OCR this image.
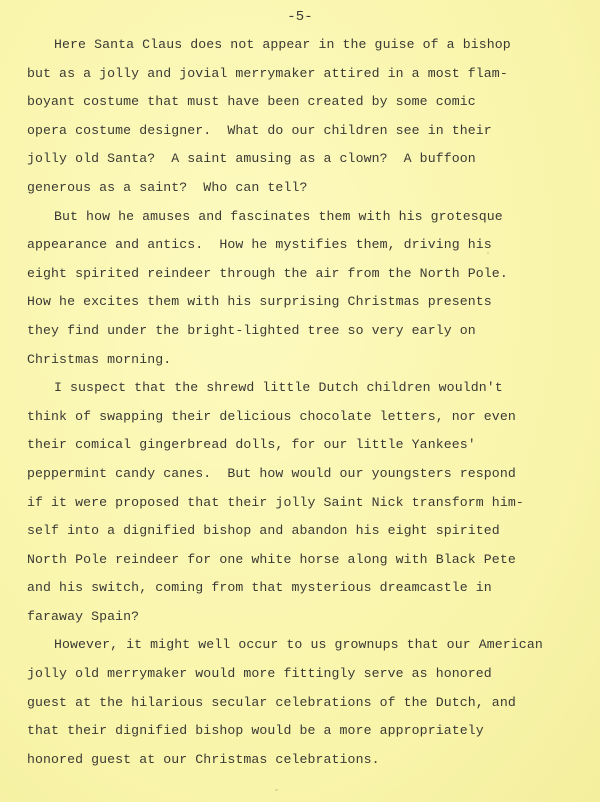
-5-
Here Santa Claus does not appear in the guise of a bishop
but as a jolly and jovial merrymaker attired in a most flam-
boyant costume that must have been created by some comic
opera costume designer.  What do our children see in their
jolly old Santa?  A saint amusing as a clown?  A buffoon
generous as a saint?  Who can tell?
But how he amuses and fascinates them with his grotesque
appearance and antics.  How he mystifies them, driving his
eight spirited reindeer through the air from the North Pole.
How he excites them with his surprising Christmas presents
they find under the bright-lighted tree so very early on
Christmas morning.
I suspect that the shrewd little Dutch children wouldn't
think of swapping their delicious chocolate letters, nor even
their comical gingerbread dolls, for our little Yankees'
peppermint candy canes.  But how would our youngsters respond
if it were proposed that their jolly Saint Nick transform him-
self into a dignified bishop and abandon his eight spirited
North Pole reindeer for one white horse along with Black Pete
and his switch, coming from that mysterious dreamcastle in
faraway Spain?
However, it might well occur to us grownups that our American
jolly old merrymaker would more fittingly serve as honored
guest at the hilarious secular celebrations of the Dutch, and
that their dignified bishop would be a more appropriately
honored guest at our Christmas celebrations.
